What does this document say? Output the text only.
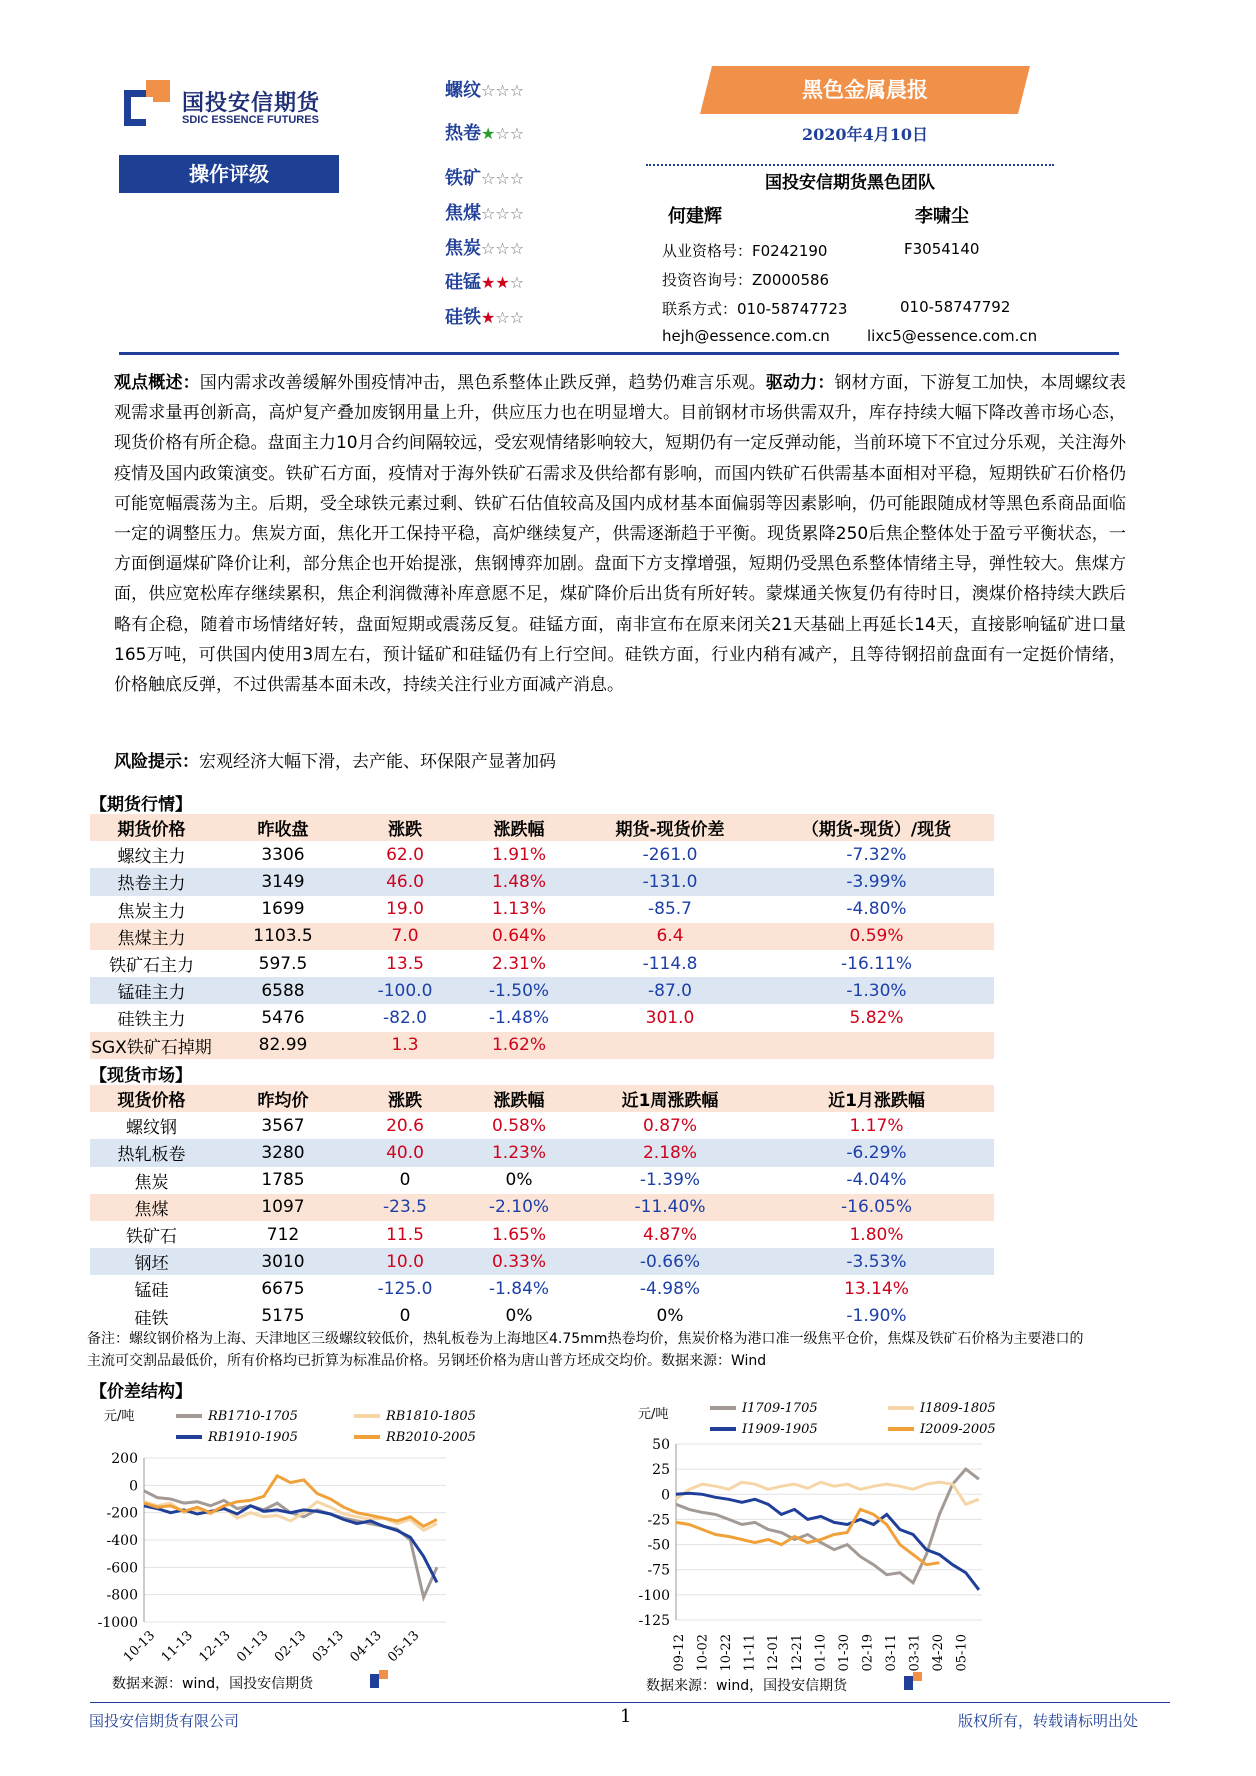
国投安信期货
SDIC ESSENCE FUTURES
操作评级
螺纹☆☆☆
热卷★☆☆
铁矿☆☆☆
焦煤☆☆☆
焦炭☆☆☆
硅锰★★☆
硅铁★☆☆
黑色金属晨报
2020年4月10日
国投安信期货黑色团队
何建辉	李啸尘
从业资格号：F0242190	F3054140
投资咨询号：Z0000586
联系方式：010-58747723	010-58747792
hejh@essence.com.cn lixc5@essence.com.cn
观点概述：国内需求改善缓解外围疫情冲击，黑色系整体止跌反弹，趋势仍难言乐观。驱动力：钢材方面，下游复工加快，本周螺纹表观需求量再创新高，高炉复产叠加废钢用量上升，供应压力也在明显增大。目前钢材市场供需双升，库存持续大幅下降改善市场心态，现货价格有所企稳。盘面主力10月合约间隔较远，受宏观情绪影响较大，短期仍有一定反弹动能，当前环境下不宜过分乐观，关注海外疫情及国内政策演变。铁矿石方面，疫情对于海外铁矿石需求及供给都有影响，而国内铁矿石供需基本面相对平稳，短期铁矿石价格仍可能宽幅震荡为主。后期，受全球铁元素过剩、铁矿石估值较高及国内成材基本面偏弱等因素影响，仍可能跟随成材等黑色系商品面临一定的调整压力。焦炭方面，焦化开工保持平稳，高炉继续复产，供需逐渐趋于平衡。现货累降250后焦企整体处于盈亏平衡状态，一方面倒逼煤矿降价让利，部分焦企也开始提涨，焦钢博弈加剧。盘面下方支撑增强，短期仍受黑色系整体情绪主导，弹性较大。焦煤方面，供应宽松库存继续累积，焦企利润微薄补库意愿不足，煤矿降价后出货有所好转。蒙煤通关恢复仍有待时日，澳煤价格持续大跌后略有企稳，随着市场情绪好转，盘面短期或震荡反复。硅锰方面，南非宣布在原来闭关21天基础上再延长14天，直接影响锰矿进口量165万吨，可供国内使用3周左右，预计锰矿和硅锰仍有上行空间。硅铁方面，行业内稍有减产，且等待钢招前盘面有一定挺价情绪，价格触底反弹，不过供需基本面未改，持续关注行业方面减产消息。
风险提示：宏观经济大幅下滑，去产能、环保限产显著加码
【期货行情】
期货价格	昨收盘	涨跌	涨跌幅	期货-现货价差	（期货-现货）/现货
螺纹主力	3306	62.0	1.91%	-261.0	-7.32%
热卷主力	3149	46.0	1.48%	-131.0	-3.99%
焦炭主力	1699	19.0	1.13%	-85.7	-4.80%
焦煤主力	1103.5	7.0	0.64%	6.4	0.59%
铁矿石主力	597.5	13.5	2.31%	-114.8	-16.11%
锰硅主力	6588	-100.0	-1.50%	-87.0	-1.30%
硅铁主力	5476	-82.0	-1.48%	301.0	5.82%
SGX铁矿石掉期	82.99	1.3	1.62%		
【现货市场】
现货价格	昨均价	涨跌	涨跌幅	近1周涨跌幅	近1月涨跌幅
螺纹钢	3567	20.6	0.58%	0.87%	1.17%
热轧板卷	3280	40.0	1.23%	2.18%	-6.29%
焦炭	1785	0	0%	-1.39%	-4.04%
焦煤	1097	-23.5	-2.10%	-11.40%	-16.05%
铁矿石	712	11.5	1.65%	4.87%	1.80%
钢坯	3010	10.0	0.33%	-0.66%	-3.53%
锰硅	6675	-125.0	-1.84%	-4.98%	13.14%
硅铁	5175	0	0%	0%	-1.90%
备注：螺纹钢价格为上海、天津地区三级螺纹较低价，热轧板卷为上海地区4.75mm热卷均价，焦炭价格为港口准一级焦平仓价，焦煤及铁矿石价格为主要港口的主流可交割品最低价，所有价格均已折算为标准品价格。另钢坯价格为唐山普方坯成交均价。数据来源：Wind
【价差结构】
元/吨
200
0
-200
-400
-600
-800
-1000
10-13 11-13 12-13 01-13 02-13 03-13 04-13 05-13
RB1710-1705	RB1810-1805
RB1910-1905	RB2010-2005
数据来源：wind，国投安信期货
元/吨
50
25
0
-25
-50
-75
-100
-125
09-12 10-02 10-22 11-11 12-01 12-21 01-10 01-30 02-19 03-11 03-31 04-20 05-10
I1709-1705	I1809-1805
I1909-1905	I2009-2005
数据来源：wind，国投安信期货
国投安信期货有限公司	1	版权所有，转载请标明出处
